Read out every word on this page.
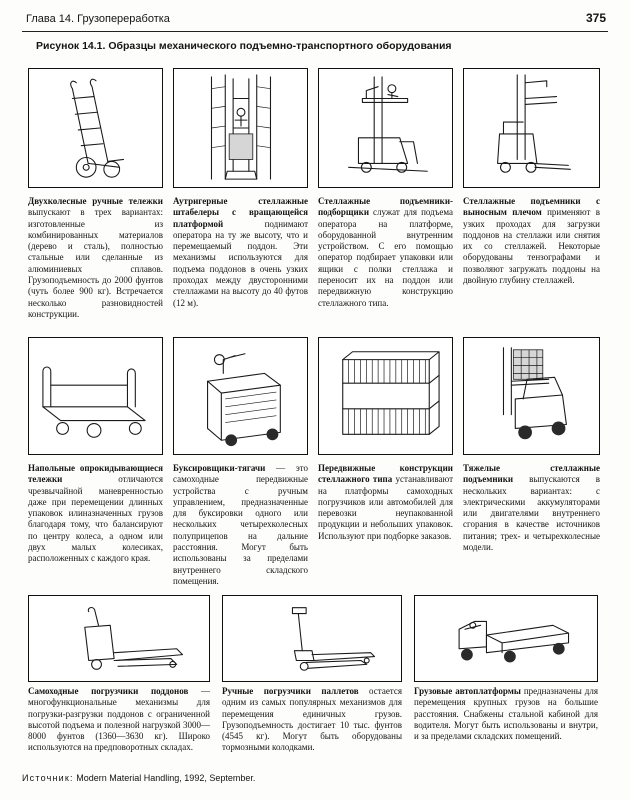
Глава 14. Грузопереработка	375
Рисунок 14.1. Образцы механического подъемно-транспортного оборудования

Двухколесные ручные тележки выпускают в трех вариантах: изготовленные из комбинированных материалов (дерево и сталь), полностью стальные или сделанные из алюминиевых сплавов. Грузоподъемность до 2000 фунтов (чуть более 900 кг). Встречается несколько разновидностей конструкции.

Аутригерные стеллажные штабелеры с вращающейся платформой поднимают оператора на ту же высоту, что и перемещаемый поддон. Эти механизмы используются для подъема поддонов в очень узких проходах между двусторонними стеллажами на высоту до 40 футов (12 м).

Стеллажные подъемники-подборщики служат для подъема оператора на платформе, оборудованной внутренним устройством. С его помощью оператор подбирает упаковки или ящики с полки стеллажа и переносит их на поддон или передвижную конструкцию стеллажного типа.

Стеллажные подъемники с выносным плечом применяют в узких проходах для загрузки поддонов на стеллажи или снятия их со стеллажей. Некоторые оборудованы тензографами и позволяют загружать поддоны на двойную глубину стеллажей.

Напольные опрокидывающиеся тележки отличаются чрезвычайной маневренностью даже при перемещении длинных упаковок илиназначенных грузов благодаря тому, что балансируют по центру колеса, а одном или двух малых колесиках, расположенных с каждого края.

Буксировщики-тягачи — это самоходные передвижные устройства с ручным управлением, предназначенные для буксировки одного или нескольких четырехколесных полуприцепов на дальние расстояния. Могут быть использованы за пределами внутреннего складского помещения.

Передвижные конструкции стеллажного типа устанавливают на платформы самоходных погрузчиков или автомобилей для перевозки неупакованной продукции и небольших упаковок. Используют при подборке заказов.

Тяжелые стеллажные подъемники выпускаются в нескольких вариантах: с электрическими аккумуляторами или двигателями внутреннего сгорания в качестве источников питания; трех- и четырехколесные модели.

Самоходные погрузчики поддонов — многофункциональные механизмы для погрузки-разгрузки поддонов с ограниченной высотой подъема и полезной нагрузкой 3000—8000 фунтов (1360—3630 кг). Широко используются на предповоротных складах.

Ручные погрузчики паллетов остается одним из самых популярных механизмов для перемещения единичных грузов. Грузоподъемность достигает 10 тыс. фунтов (4545 кг). Могут быть оборудованы тормозными колодками.

Грузовые автоплатформы предназначены для перемещения крупных грузов на большие расстояния. Снабжены стальной кабиной для водителя. Могут быть использованы и внутри, и за пределами складских помещений.

Источник: Modern Material Handling, 1992, September.
